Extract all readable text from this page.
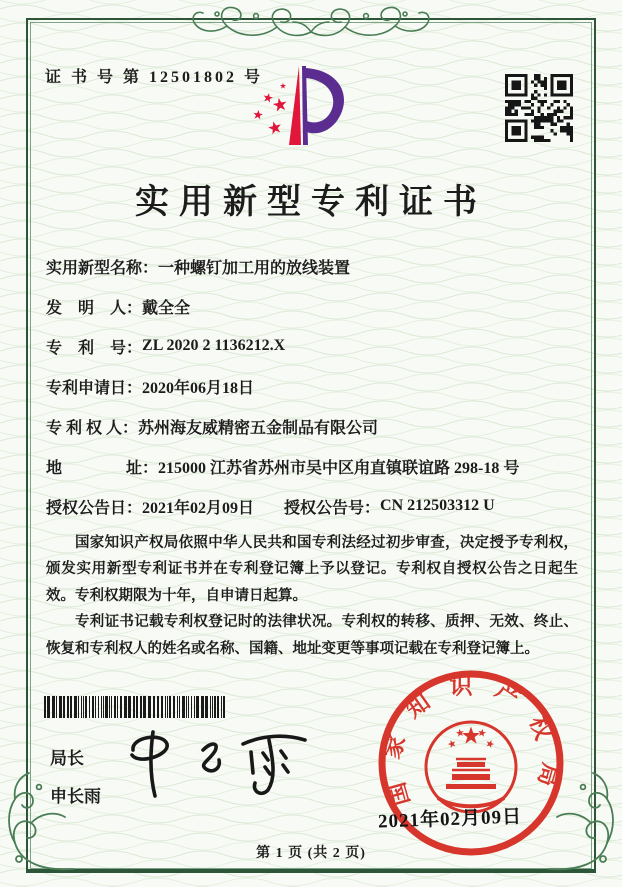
证 书 号 第 12501802 号
实用新型专利证书
实用新型名称： 一种螺钉加工用的放线装置
发　明　人： 戴全全
专　利　号： ZL 2020 2 1136212.X
专利申请日： 2020年06月18日
专 利 权 人： 苏州海友威精密五金制品有限公司
地　　　　址： 215000 江苏省苏州市吴中区甪直镇联谊路 298-18 号
授权公告日： 2021年02月09日 授权公告号： CN 212503312 U

国家知识产权局依照中华人民共和国专利法经过初步审查，决定授予专利权，颁发实用新型专利证书并在专利登记簿上予以登记。专利权自授权公告之日起生效。专利权期限为十年，自申请日起算。

专利证书记载专利权登记时的法律状况。专利权的转移、质押、无效、终止、恢复和专利权人的姓名或名称、国籍、地址变更等事项记载在专利登记簿上。

局长
申长雨	国家知识产权局
2021年02月09日
第 1 页 (共 2 页)
